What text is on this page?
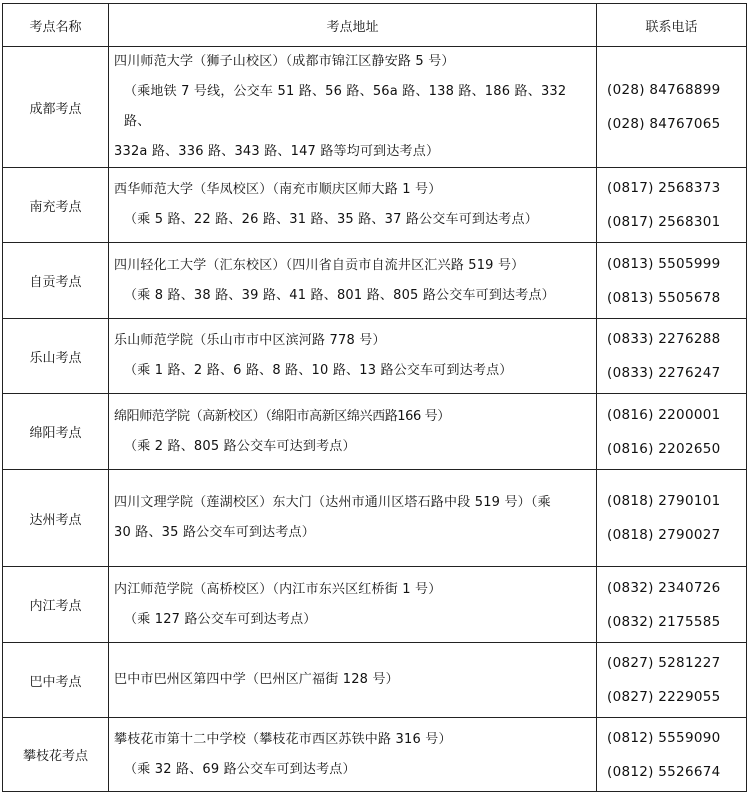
考点名称	考点地址	联系电话
成都考点	四川师范大学（狮子山校区）（成都市锦江区静安路 5 号）
（乘地铁 7 号线，公交车 51 路、56 路、56a 路、138 路、186 路、332 路、
332a 路、336 路、343 路、147 路等均可到达考点）	(028) 84768899
(028) 84767065

南充考点	西华师范大学（华凤校区）（南充市顺庆区师大路 1 号）
（乘 5 路、22 路、26 路、31 路、35 路、37 路公交车可到达考点）	(0817) 2568373
(0817) 2568301

自贡考点	四川轻化工大学（汇东校区）（四川省自贡市自流井区汇兴路 519 号）
（乘 8 路、38 路、39 路、41 路、801 路、805 路公交车可到达考点）	(0813) 5505999
(0813) 5505678

乐山考点	乐山师范学院（乐山市市中区滨河路 778 号）
（乘 1 路、2 路、6 路、8 路、10 路、13 路公交车可到达考点）	(0833) 2276288
(0833) 2276247

绵阳考点	绵阳师范学院（高新校区）（绵阳市高新区绵兴西路166 号）
（乘 2 路、805 路公交车可达到考点）	(0816) 2200001
(0816) 2202650

达州考点	四川文理学院（莲湖校区）东大门（达州市通川区塔石路中段 519 号）（乘
30 路、35 路公交车可到达考点）	(0818) 2790101
(0818) 2790027

内江考点	内江师范学院（高桥校区）（内江市东兴区红桥街 1 号）
（乘 127 路公交车可到达考点）	(0832) 2340726
(0832) 2175585

巴中考点	巴中市巴州区第四中学（巴州区广福街 128 号）	(0827) 5281227
(0827) 2229055

攀枝花考点	攀枝花市第十二中学校（攀枝花市西区苏铁中路 316 号）
（乘 32 路、69 路公交车可到达考点）	(0812) 5559090
(0812) 5526674
